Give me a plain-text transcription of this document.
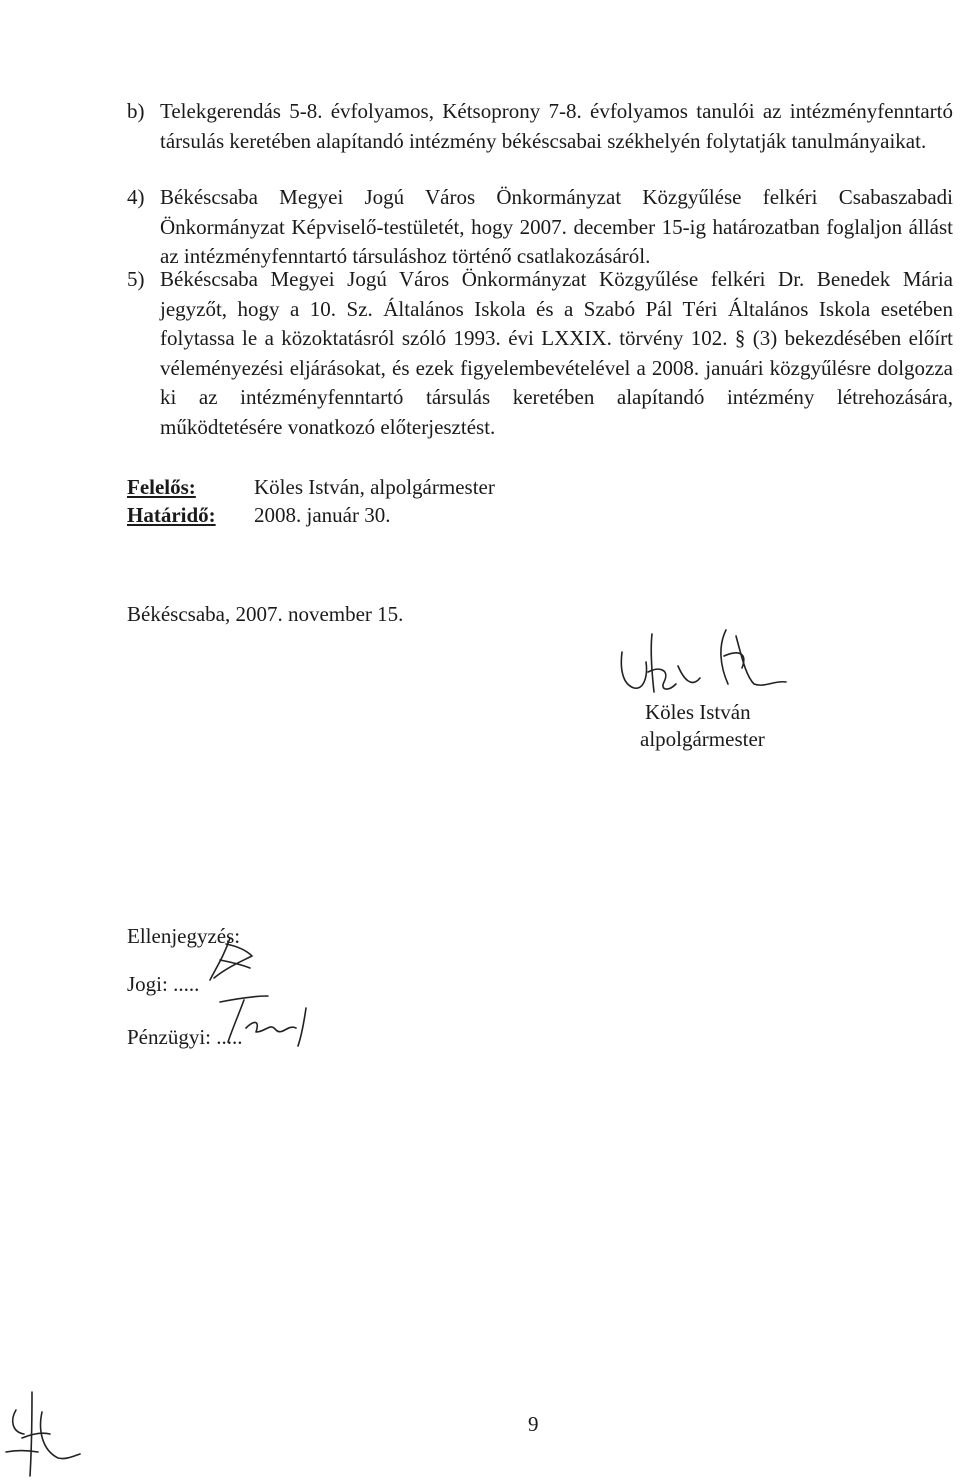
b) Telekgerendás 5-8. évfolyamos, Kétsoprony 7-8. évfolyamos tanulói az intézményfenntartó társulás keretében alapítandó intézmény békéscsabai székhelyén folytatják tanulmányaikat.
4) Békéscsaba Megyei Jogú Város Önkormányzat Közgyűlése felkéri Csabaszabadi Önkormányzat Képviselő-testületét, hogy 2007. december 15-ig határozatban foglaljon állást az intézményfenntartó társuláshoz történő csatlakozásáról.
5) Békéscsaba Megyei Jogú Város Önkormányzat Közgyűlése felkéri Dr. Benedek Mária jegyzőt, hogy a 10. Sz. Általános Iskola és a Szabó Pál Téri Általános Iskola esetében folytassa le a közoktatásról szóló 1993. évi LXXIX. törvény 102. § (3) bekezdésében előírt véleményezési eljárásokat, és ezek figyelembevételével a 2008. januári közgyűlésre dolgozza ki az intézményfenntartó társulás keretében alapítandó intézmény létrehozására, működtetésére vonatkozó előterjesztést.
Felelős:	Köles István, alpolgármester
Határidő: 2008. január 30.
Békéscsaba, 2007. november 15.
Köles István
alpolgármester
Ellenjegyzés:
Jogi: .....
Pénzügyi: .....
9
